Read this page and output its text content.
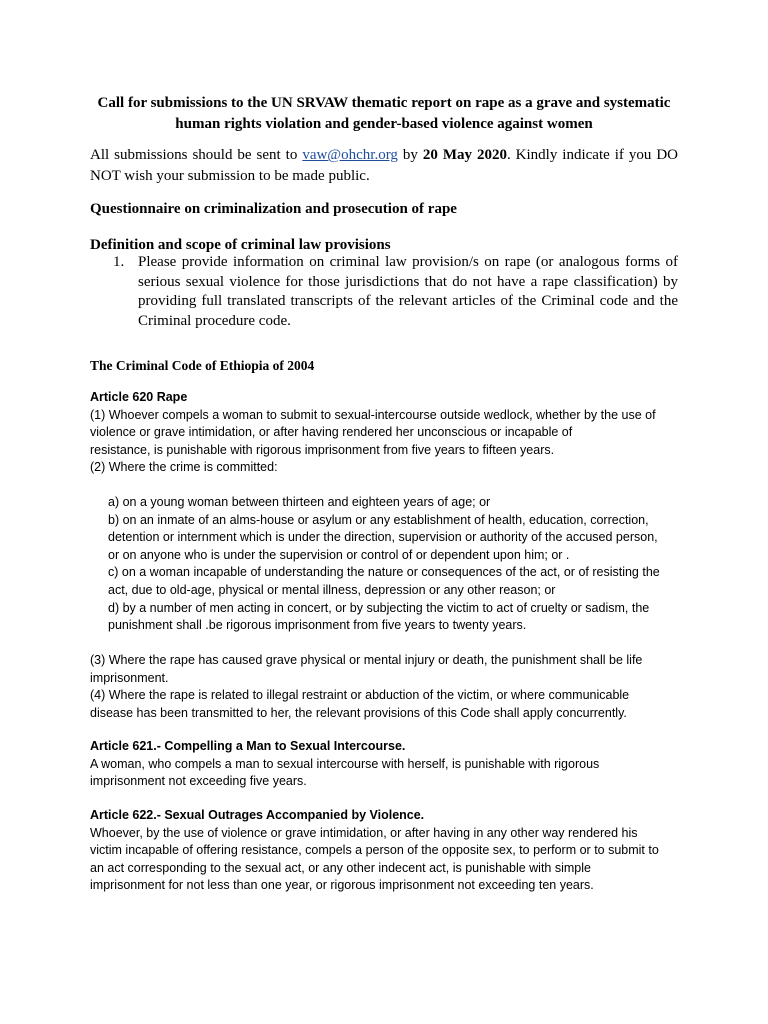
Call for submissions to the UN SRVAW thematic report on rape as a grave and systematic human rights violation and gender-based violence against women
All submissions should be sent to vaw@ohchr.org by 20 May 2020. Kindly indicate if you DO NOT wish your submission to be made public.
Questionnaire on criminalization and prosecution of rape
Definition and scope of criminal law provisions
1. Please provide information on criminal law provision/s on rape (or analogous forms of serious sexual violence for those jurisdictions that do not have a rape classification) by providing full translated transcripts of the relevant articles of the Criminal code and the Criminal procedure code.
The Criminal Code of Ethiopia of 2004
Article 620 Rape
(1) Whoever compels a woman to submit to sexual-intercourse outside wedlock, whether by the use of
violence or grave intimidation, or after having rendered her unconscious or incapable of
resistance, is punishable with rigorous imprisonment from five years to fifteen years.
(2) Where the crime is committed:
a) on a young woman between thirteen and eighteen years of age; or
b) on an inmate of an alms-house or asylum or any establishment of health, education, correction,
detention or internment which is under the direction, supervision or authority of the accused person,
or on anyone who is under the supervision or control of or dependent upon him; or .
c) on a woman incapable of understanding the nature or consequences of the act, or of resisting the
act, due to old-age, physical or mental illness, depression or any other reason; or
d) by a number of men acting in concert, or by subjecting the victim to act of cruelty or sadism, the
punishment shall .be rigorous imprisonment from five years to twenty years.
(3) Where the rape has caused grave physical or mental injury or death, the punishment shall be life
imprisonment.
(4) Where the rape is related to illegal restraint or abduction of the victim, or where communicable
disease has been transmitted to her, the relevant provisions of this Code shall apply concurrently.
Article 621.- Compelling a Man to Sexual Intercourse.
A woman, who compels a man to sexual intercourse with herself, is punishable with rigorous
imprisonment not exceeding five years.
Article 622.- Sexual Outrages Accompanied by Violence.
Whoever, by the use of violence or grave intimidation, or after having in any other way rendered his
victim incapable of offering resistance, compels a person of the opposite sex, to perform or to submit to
an act corresponding to the sexual act, or any other indecent act, is punishable with simple
imprisonment for not less than one year, or rigorous imprisonment not exceeding ten years.
